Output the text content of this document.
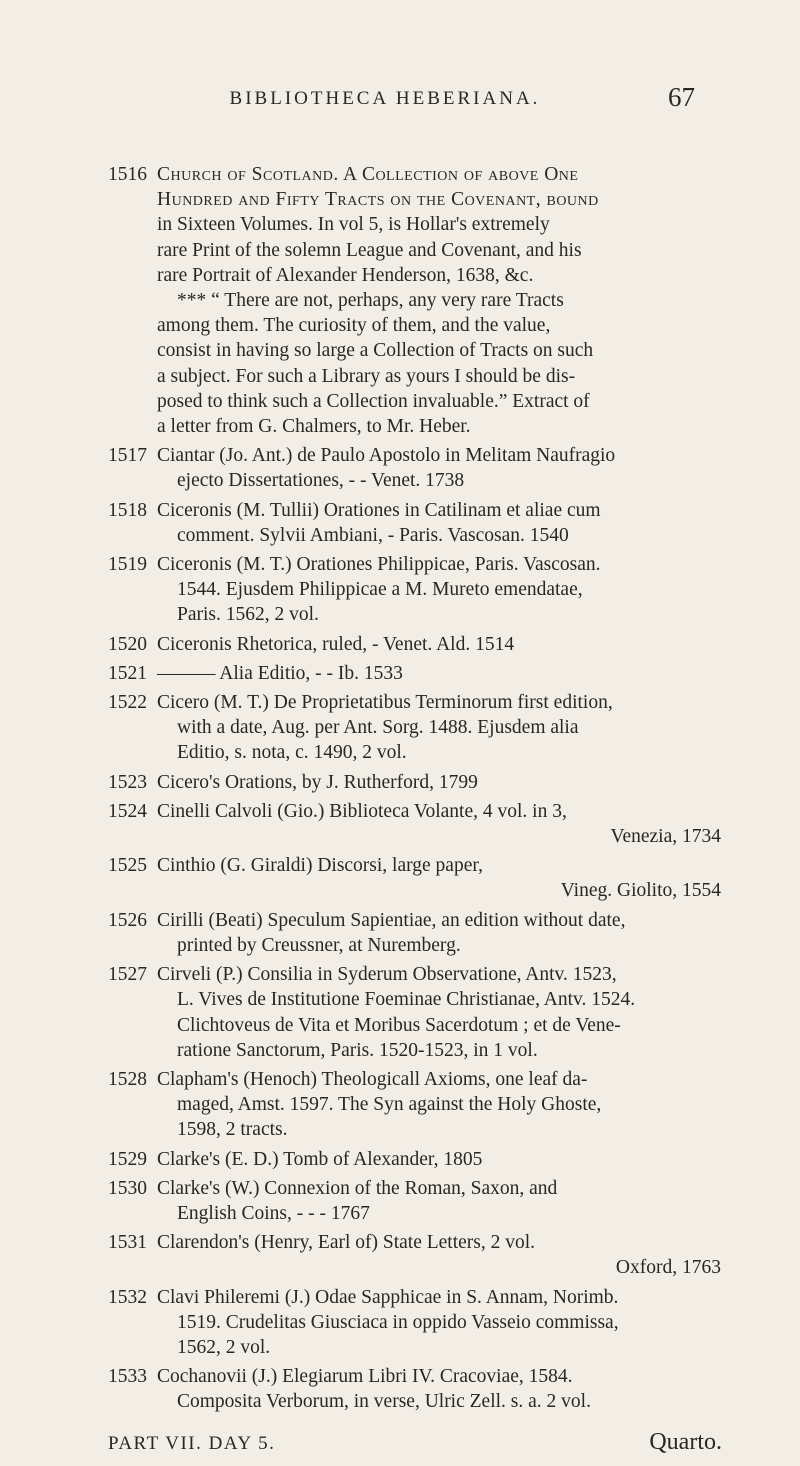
BIBLIOTHECA HEBERIANA.	67
1516 Church of Scotland. A Collection of above One
Hundred and Fifty Tracts on the Covenant, bound
in Sixteen Volumes. In vol 5, is Hollar's extremely
rare Print of the solemn League and Covenant, and his
rare Portrait of Alexander Henderson, 1638, &c.
*** “ There are not, perhaps, any very rare Tracts
among them. The curiosity of them, and the value,
consist in having so large a Collection of Tracts on such
a subject. For such a Library as yours I should be dis-
posed to think such a Collection invaluable.” Extract of
a letter from G. Chalmers, to Mr. Heber.
1517 Ciantar (Jo. Ant.) de Paulo Apostolo in Melitam Naufragio
ejecto Dissertationes, - - Venet. 1738
1518 Ciceronis (M. Tullii) Orationes in Catilinam et aliae cum
comment. Sylvii Ambiani, - Paris. Vascosan. 1540
1519 Ciceronis (M. T.) Orationes Philippicae, Paris. Vascosan.
1544. Ejusdem Philippicae a M. Mureto emendatae,
Paris. 1562, 2 vol.
1520 Ciceronis Rhetorica, ruled, - Venet. Ald. 1514
1521 ——— Alia Editio, - - Ib. 1533
1522 Cicero (M. T.) De Proprietatibus Terminorum first edition,
with a date, Aug. per Ant. Sorg. 1488. Ejusdem alia
Editio, s. nota, c. 1490, 2 vol.
1523 Cicero's Orations, by J. Rutherford, 1799
1524 Cinelli Calvoli (Gio.) Biblioteca Volante, 4 vol. in 3,
Venezia, 1734
1525 Cinthio (G. Giraldi) Discorsi, large paper,
Vineg. Giolito, 1554
1526 Cirilli (Beati) Speculum Sapientiae, an edition without date,
printed by Creussner, at Nuremberg.
1527 Cirveli (P.) Consilia in Syderum Observatione, Antv. 1523,
L. Vives de Institutione Foeminae Christianae, Antv. 1524.
Clichtoveus de Vita et Moribus Sacerdotum ; et de Vene-
ratione Sanctorum, Paris. 1520-1523, in 1 vol.
1528 Clapham's (Henoch) Theologicall Axioms, one leaf da-
maged, Amst. 1597. The Syn against the Holy Ghoste,
1598, 2 tracts.
1529 Clarke's (E. D.) Tomb of Alexander, 1805
1530 Clarke's (W.) Connexion of the Roman, Saxon, and
English Coins, - - - 1767
1531 Clarendon's (Henry, Earl of) State Letters, 2 vol.
Oxford, 1763
1532 Clavi Phileremi (J.) Odae Sapphicae in S. Annam, Norimb.
1519. Crudelitas Giusciaca in oppido Vasseio commissa,
1562, 2 vol.
1533 Cochanovii (J.) Elegiarum Libri IV. Cracoviae, 1584.
Composita Verborum, in verse, Ulric Zell. s. a. 2 vol.
PART VII. DAY 5.	Quarto.
